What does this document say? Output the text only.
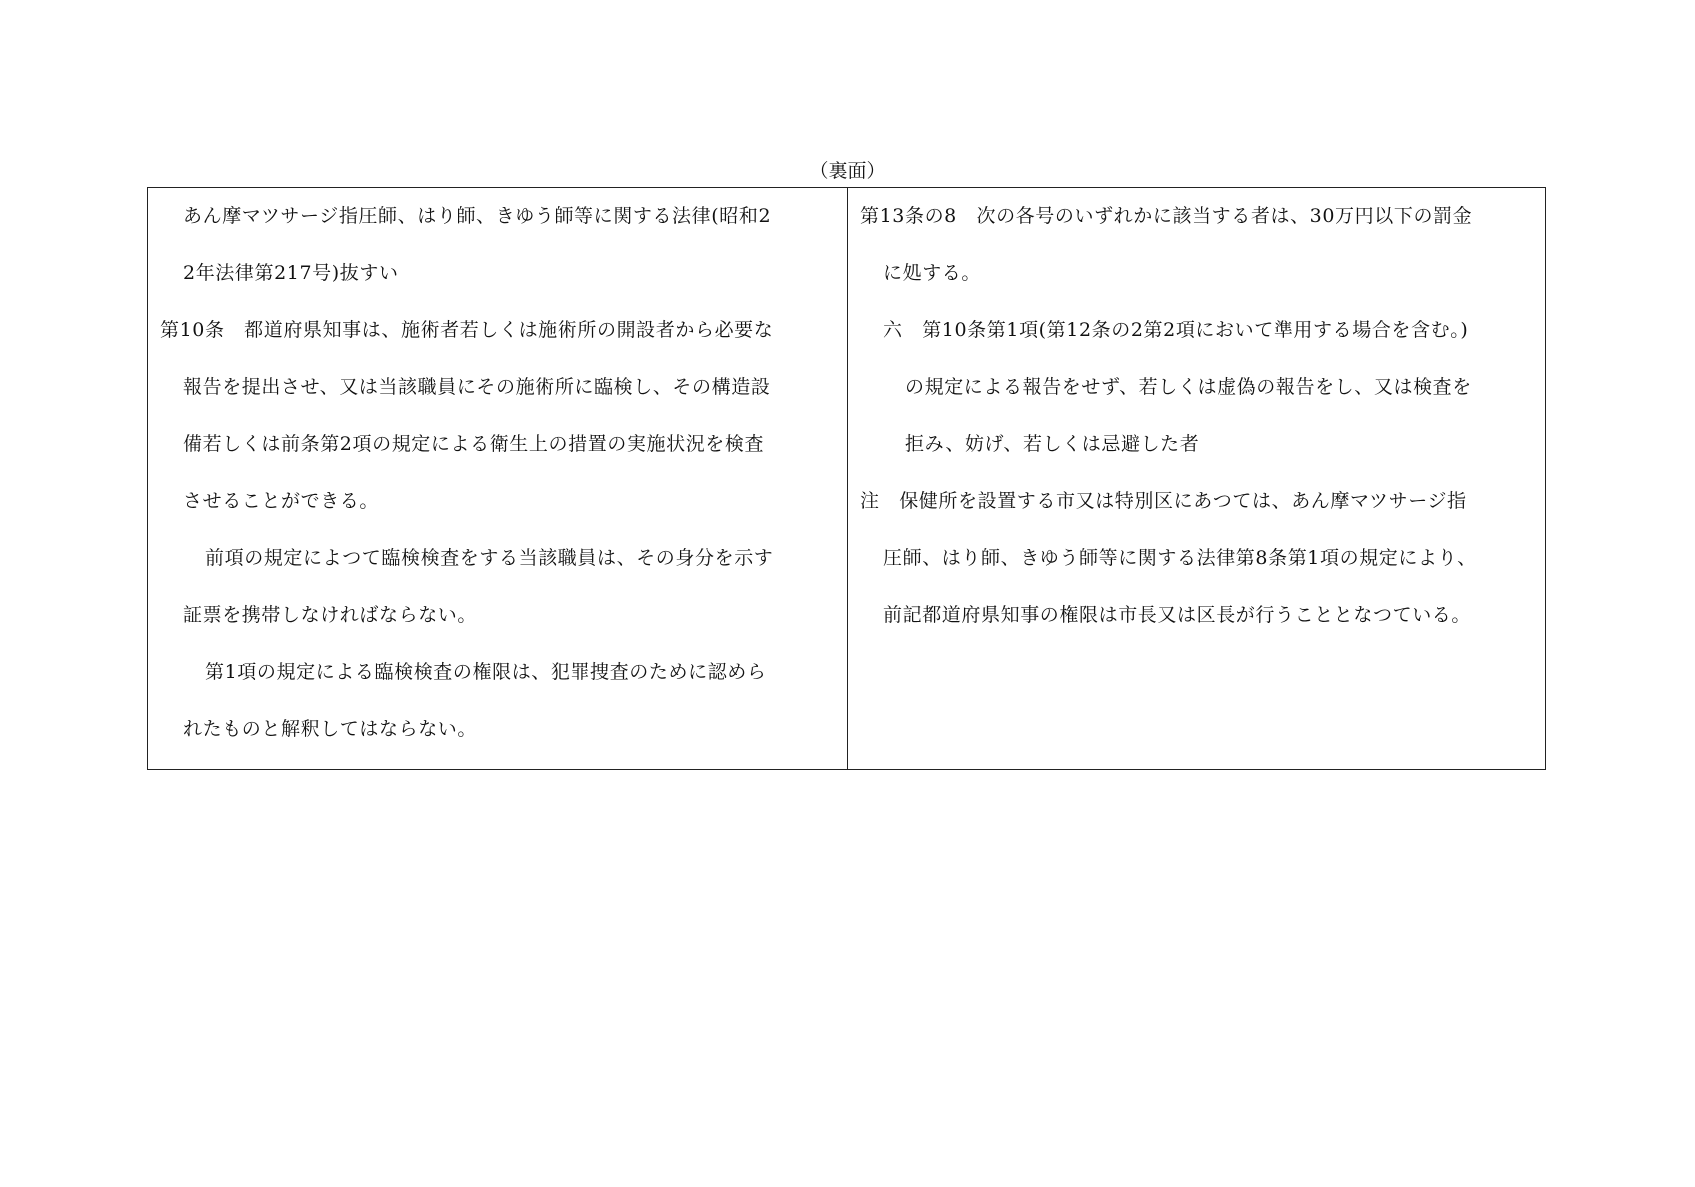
（裏面）
あん摩マツサージ指圧師、はり師、きゆう師等に関する法律(昭和2
2年法律第217号)抜すい
第10条　都道府県知事は、施術者若しくは施術所の開設者から必要な
報告を提出させ、又は当該職員にその施術所に臨検し、その構造設
備若しくは前条第2項の規定による衛生上の措置の実施状況を検査
させることができる。
前項の規定によつて臨検検査をする当該職員は、その身分を示す
証票を携帯しなければならない。
第1項の規定による臨検検査の権限は、犯罪捜査のために認めら
れたものと解釈してはならない。
第13条の8　次の各号のいずれかに該当する者は、30万円以下の罰金
に処する。
六　第10条第1項(第12条の2第2項において準用する場合を含む。)
の規定による報告をせず、若しくは虚偽の報告をし、又は検査を
拒み、妨げ、若しくは忌避した者
注　保健所を設置する市又は特別区にあつては、あん摩マツサージ指
圧師、はり師、きゆう師等に関する法律第8条第1項の規定により、
前記都道府県知事の権限は市長又は区長が行うこととなつている。
